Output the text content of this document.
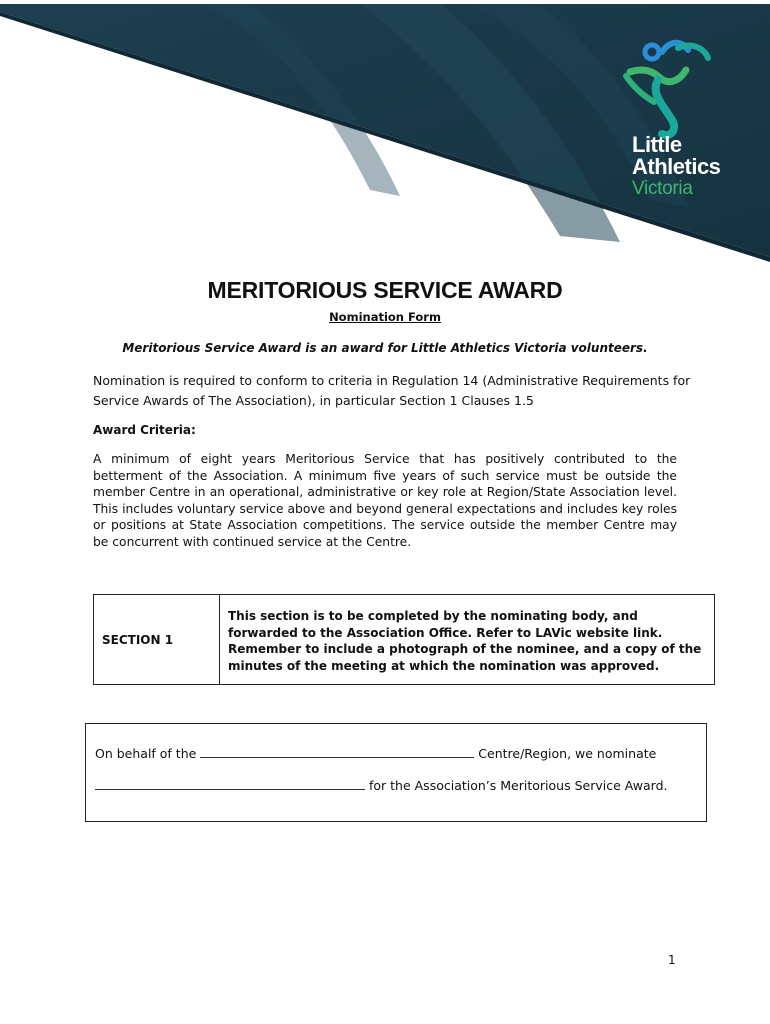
Little
Athletics
Victoria
MERITORIOUS SERVICE AWARD
Nomination Form
Meritorious Service Award is an award for Little Athletics Victoria volunteers.

Nomination is required to conform to criteria in Regulation 14 (Administrative Requirements for Service Awards of The Association), in particular Section 1 Clauses 1.5

Award Criteria:

A minimum of eight years Meritorious Service that has positively contributed to the betterment of the Association. A minimum five years of such service must be outside the member Centre in an operational, administrative or key role at Region/State Association level. This includes voluntary service above and beyond general expectations and includes key roles or positions at State Association competitions. The service outside the member Centre may be concurrent with continued service at the Centre.

SECTION 1
This section is to be completed by the nominating body, and forwarded to the Association Office. Refer to LAVic website link. Remember to include a photograph of the nominee, and a copy of the minutes of the meeting at which the nomination was approved.
On behalf of the	Centre/Region, we nominate
for the Association’s Meritorious Service Award.
1
